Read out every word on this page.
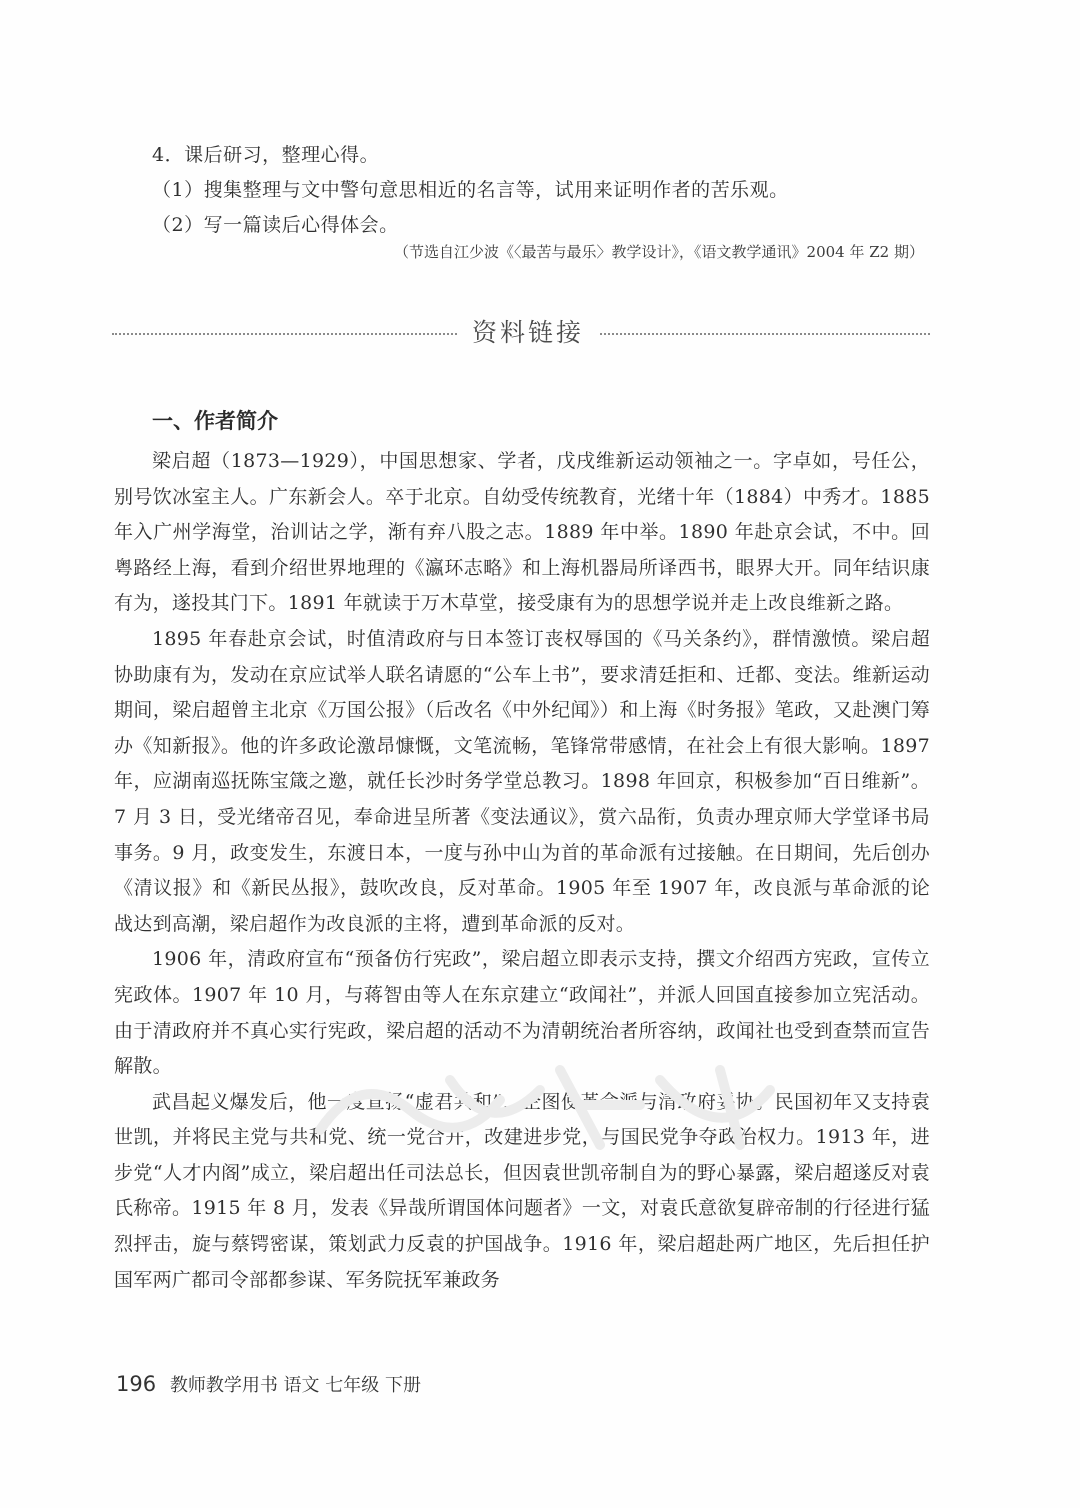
4．课后研习，整理心得。
（1）搜集整理与文中警句意思相近的名言等，试用来证明作者的苦乐观。
（2）写一篇读后心得体会。
（节选自江少波《〈最苦与最乐〉教学设计》，《语文教学通讯》2004 年 Z2 期）
资料链接
一、作者简介

梁启超（1873—1929），中国思想家、学者，戊戌维新运动领袖之一。字卓如，号任公，别号饮冰室主人。广东新会人。卒于北京。自幼受传统教育，光绪十年（1884）中秀才。1885 年入广州学海堂，治训诂之学，渐有弃八股之志。1889 年中举。1890 年赴京会试，不中。回粤路经上海，看到介绍世界地理的《瀛环志略》和上海机器局所译西书，眼界大开。同年结识康有为，遂投其门下。1891 年就读于万木草堂，接受康有为的思想学说并走上改良维新之路。

1895 年春赴京会试，时值清政府与日本签订丧权辱国的《马关条约》，群情激愤。梁启超协助康有为，发动在京应试举人联名请愿的“公车上书”，要求清廷拒和、迁都、变法。维新运动期间，梁启超曾主北京《万国公报》（后改名《中外纪闻》）和上海《时务报》笔政，又赴澳门筹办《知新报》。他的许多政论激昂慷慨，文笔流畅，笔锋常带感情，在社会上有很大影响。1897 年，应湖南巡抚陈宝箴之邀，就任长沙时务学堂总教习。1898 年回京，积极参加“百日维新”。7 月 3 日，受光绪帝召见，奉命进呈所著《变法通议》，赏六品衔，负责办理京师大学堂译书局事务。9 月，政变发生，东渡日本，一度与孙中山为首的革命派有过接触。在日期间，先后创办《清议报》和《新民丛报》，鼓吹改良，反对革命。1905 年至 1907 年，改良派与革命派的论战达到高潮，梁启超作为改良派的主将，遭到革命派的反对。

1906 年，清政府宣布“预备仿行宪政”，梁启超立即表示支持，撰文介绍西方宪政，宣传立宪政体。1907 年 10 月，与蒋智由等人在东京建立“政闻社”，并派人回国直接参加立宪活动。由于清政府并不真心实行宪政，梁启超的活动不为清朝统治者所容纳，政闻社也受到查禁而宣告解散。

武昌起义爆发后，他一度宣扬“虚君共和”，企图使革命派与清政府妥协。民国初年又支持袁世凯，并将民主党与共和党、统一党合并，改建进步党，与国民党争夺政治权力。1913 年，进步党“人才内阁”成立，梁启超出任司法总长，但因袁世凯帝制自为的野心暴露，梁启超遂反对袁氏称帝。1915 年 8 月，发表《异哉所谓国体问题者》一文，对袁氏意欲复辟帝制的行径进行猛烈抨击，旋与蔡锷密谋，策划武力反袁的护国战争。1916 年，梁启超赴两广地区，先后担任护国军两广都司令部都参谋、军务院抚军兼政务

196 教师教学用书 语文 七年级 下册
